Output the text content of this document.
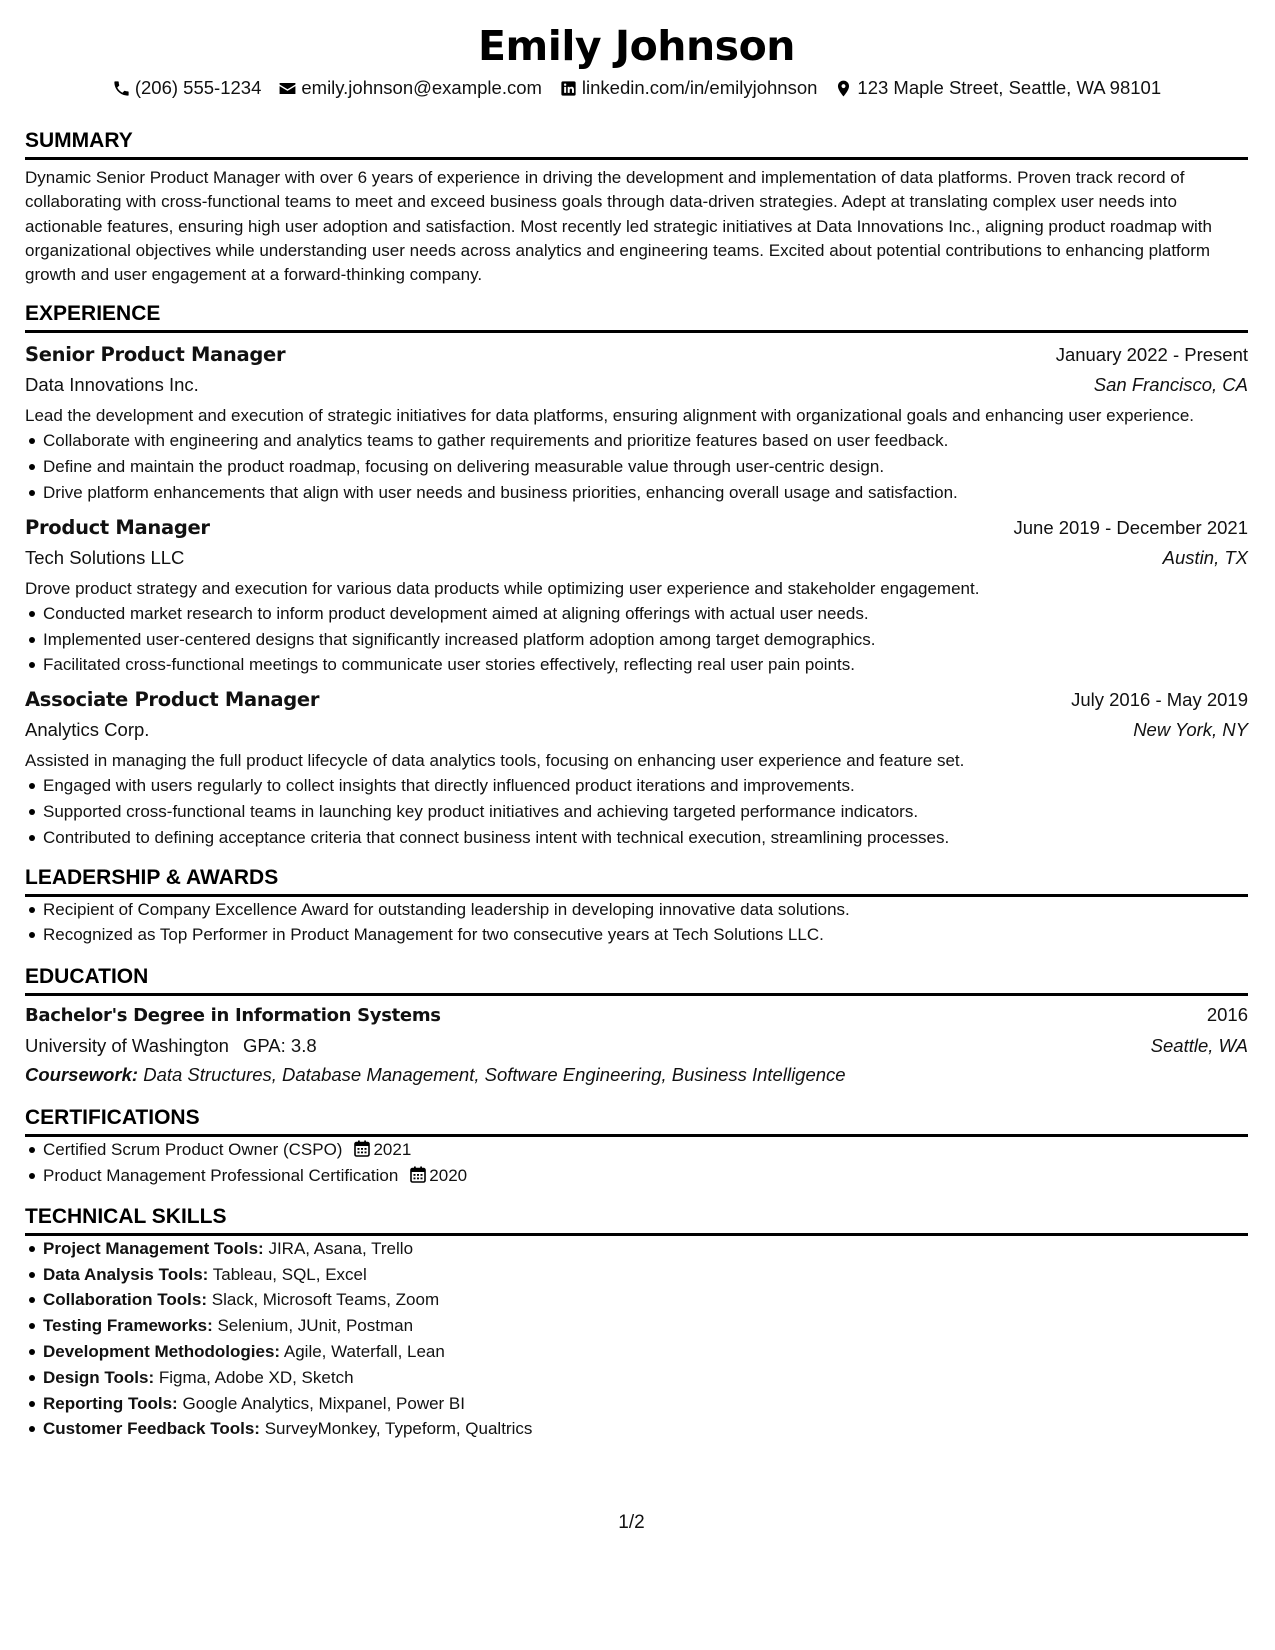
Emily Johnson
(206) 555-1234 emily.johnson@example.com linkedin.com/in/emilyjohnson 123 Maple Street, Seattle, WA 98101
SUMMARY

Dynamic Senior Product Manager with over 6 years of experience in driving the development and implementation of data platforms. Proven track record of collaborating with cross-functional teams to meet and exceed business goals through data-driven strategies. Adept at translating complex user needs into actionable features, ensuring high user adoption and satisfaction. Most recently led strategic initiatives at Data Innovations Inc., aligning product roadmap with organizational objectives while understanding user needs across analytics and engineering teams. Excited about potential contributions to enhancing platform growth and user engagement at a forward-thinking company.

EXPERIENCE
Senior Product Manager	January 2022 - Present
Data Innovations Inc.	San Francisco, CA
Lead the development and execution of strategic initiatives for data platforms, ensuring alignment with organizational goals and enhancing user experience.
Collaborate with engineering and analytics teams to gather requirements and prioritize features based on user feedback.
Define and maintain the product roadmap, focusing on delivering measurable value through user-centric design.
Drive platform enhancements that align with user needs and business priorities, enhancing overall usage and satisfaction.
Product Manager	June 2019 - December 2021
Tech Solutions LLC	Austin, TX
Drove product strategy and execution for various data products while optimizing user experience and stakeholder engagement.
Conducted market research to inform product development aimed at aligning offerings with actual user needs.
Implemented user-centered designs that significantly increased platform adoption among target demographics.
Facilitated cross-functional meetings to communicate user stories effectively, reflecting real user pain points.
Associate Product Manager	July 2016 - May 2019
Analytics Corp.	New York, NY
Assisted in managing the full product lifecycle of data analytics tools, focusing on enhancing user experience and feature set.
Engaged with users regularly to collect insights that directly influenced product iterations and improvements.
Supported cross-functional teams in launching key product initiatives and achieving targeted performance indicators.
Contributed to defining acceptance criteria that connect business intent with technical execution, streamlining processes.
LEADERSHIP & AWARDS
Recipient of Company Excellence Award for outstanding leadership in developing innovative data solutions.
Recognized as Top Performer in Product Management for two consecutive years at Tech Solutions LLC.
EDUCATION
Bachelor's Degree in Information Systems	2016
University of Washington GPA: 3.8	Seattle, WA
Coursework: Data Structures, Database Management, Software Engineering, Business Intelligence
CERTIFICATIONS
Certified Scrum Product Owner (CSPO) 2021
Product Management Professional Certification 2020
TECHNICAL SKILLS
Project Management Tools: JIRA, Asana, Trello
Data Analysis Tools: Tableau, SQL, Excel
Collaboration Tools: Slack, Microsoft Teams, Zoom
Testing Frameworks: Selenium, JUnit, Postman
Development Methodologies: Agile, Waterfall, Lean
Design Tools: Figma, Adobe XD, Sketch
Reporting Tools: Google Analytics, Mixpanel, Power BI
Customer Feedback Tools: SurveyMonkey, Typeform, Qualtrics
1/2
